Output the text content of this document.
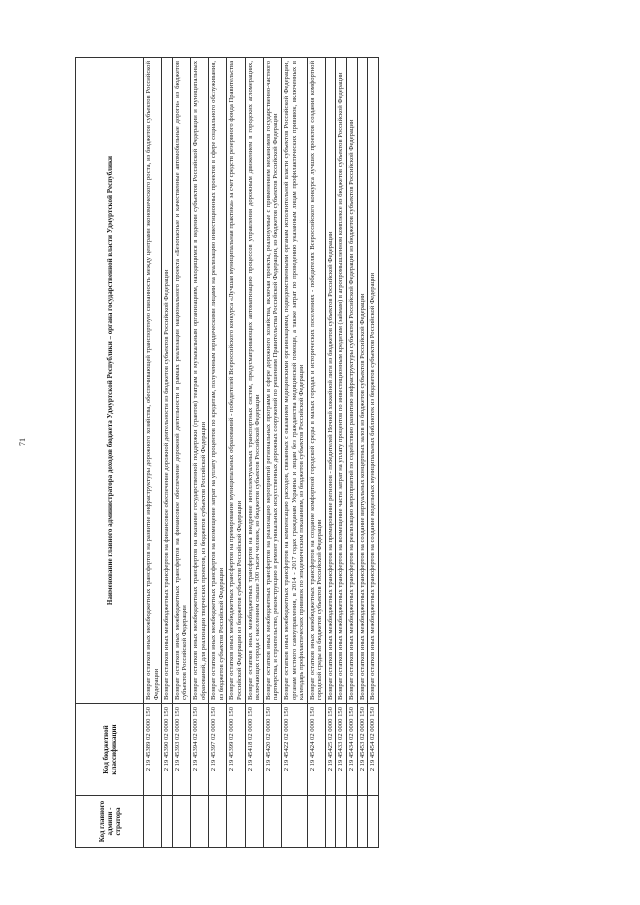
71
Код главного админи - стратора	Код бюджетной классификации	Наименование главного администратора доходов бюджета Удмуртской Республики – органа государственной власти Удмуртской Республики
	2 19 45389 02 0000 150	Возврат остатков иных межбюджетных трансфертов на развитие инфраструктуры дорожного хозяйства, обеспечивающей транспортную связанность между центрами экономического роста, из бюджетов субъектов Российской Федерации
	2 19 45390 02 0000 150	Возврат остатков иных межбюджетных трансфертов на финансовое обеспечение дорожной деятельности из бюджетов субъектов Российской Федерации
	2 19 45393 02 0000 150	Возврат остатков иных межбюджетных трансфертов на финансовое обеспечение дорожной деятельности в рамках реализации национального проекта «Безопасные и качественные автомобильные дороги» из бюджетов субъектов Российской Федерации
	2 19 45394 02 0000 150	Возврат остатков иных межбюджетных трансфертов на оказание государственной поддержки (грантов) театрам и музыкальным организациям, находящимся в ведении субъектов Российской Федерации и муниципальных образований, для реализации творческих проектов, из бюджетов субъектов Российской Федерации
	2 19 45397 02 0000 150	Возврат остатков иных межбюджетных трансфертов на возмещение затрат на уплату процентов по кредитам, полученным юридическими лицами на реализацию инвестиционных проектов в сфере социального обслуживания, из бюджетов субъектов Российской Федерации
	2 19 45399 02 0000 150	Возврат остатков иных межбюджетных трансфертов на премирование муниципальных образований - победителей Всероссийского конкурса «Лучшая муниципальная практика» за счет средств резервного фонда Правительства Российской Федерации из бюджетов субъектов Российской Федерации
	2 19 45418 02 0000 150	Возврат остатков иных межбюджетных трансфертов на внедрение интеллектуальных транспортных систем, предусматривающих автоматизацию процессов управления дорожным движением в городских агломерациях, включающих города с населением свыше 300 тысяч человек, из бюджетов субъектов Российской Федерации
	2 19 45420 02 0000 150	Возврат остатков иных межбюджетных трансфертов на реализацию мероприятий региональных программ в сфере дорожного хозяйства, включая проекты, реализуемые с применением механизмов государственно-частного партнерства, и строительство, реконструкцию и ремонт уникальных искусственных дорожных сооружений по решениям Правительства Российской Федерации, из бюджетов субъектов Российской Федерации
	2 19 45422 02 0000 150	Возврат остатков иных межбюджетных трансфертов на компенсацию расходов, связанных с оказанием медицинскими организациями, подведомственными органам исполнительной власти субъектов Российской Федерации, органам местного самоуправления, в 2014 - 2017 годах гражданам Украины и лицам без гражданства медицинской помощи, а также затрат по проведению указанным лицам профилактических прививок, включенных в календарь профилактических прививок по эпидемическим показаниям, из бюджетов субъектов Российской Федерации
	2 19 45424 02 0000 150	Возврат остатков иных межбюджетных трансфертов на создание комфортной городской среды в малых городах и исторических поселениях - победителях Всероссийского конкурса лучших проектов создания комфортной городской среды из бюджетов субъектов Российской Федерации
	2 19 45425 02 0000 150	Возврат остатков иных межбюджетных трансфертов на премирование регионов - победителей Ночной хоккейной лиги из бюджетов субъектов Российской Федерации
	2 19 45433 02 0000 150	Возврат остатков иных межбюджетных трансфертов на возмещение части затрат на уплату процентов по инвестиционным кредитам (займам) в агропромышленном комплексе из бюджетов субъектов Российской Федерации
	2 19 45434 02 0000 150	Возврат остатков иных межбюджетных трансфертов на реализацию мероприятий по содействию развитию инфраструктуры субъектов Российской Федерации из бюджетов субъектов Российской Федерации
	2 19 45453 02 0000 150	Возврат остатков иных межбюджетных трансфертов на создание виртуальных концертных залов из бюджетов субъектов Российской Федерации
	2 19 45454 02 0000 150	Возврат остатков иных межбюджетных трансфертов на создание модельных муниципальных библиотек из бюджетов субъектов Российской Федерации
